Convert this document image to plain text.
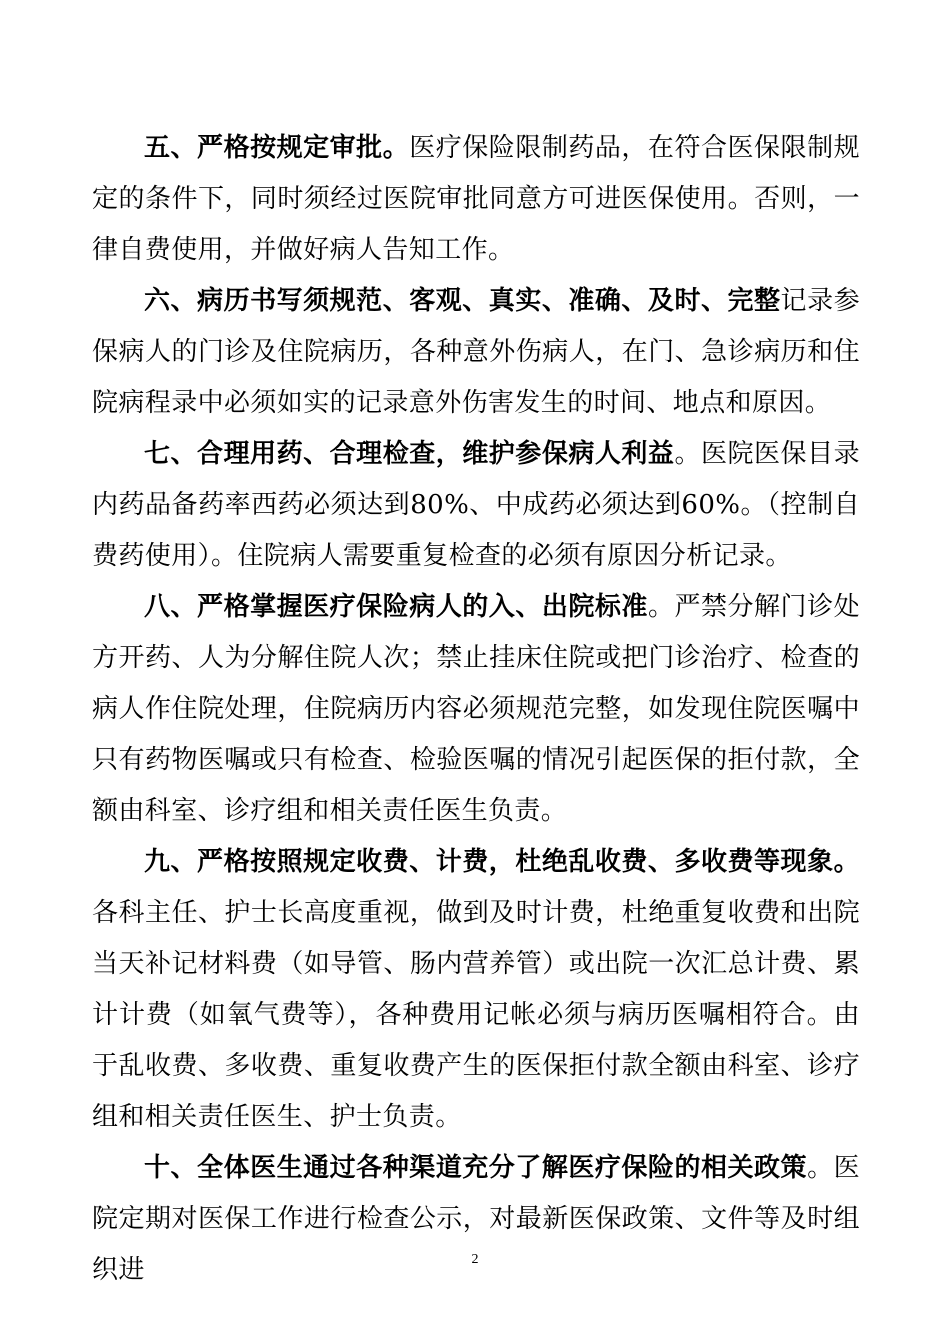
五、严格按规定审批。医疗保险限制药品，在符合医保限制规定的条件下，同时须经过医院审批同意方可进医保使用。否则，一律自费使用，并做好病人告知工作。

六、病历书写须规范、客观、真实、准确、及时、完整记录参保病人的门诊及住院病历，各种意外伤病人，在门、急诊病历和住院病程录中必须如实的记录意外伤害发生的时间、地点和原因。

七、合理用药、合理检查，维护参保病人利益。医院医保目录内药品备药率西药必须达到80%、中成药必须达到60%。（控制自费药使用）。住院病人需要重复检查的必须有原因分析记录。

八、严格掌握医疗保险病人的入、出院标准。严禁分解门诊处方开药、人为分解住院人次；禁止挂床住院或把门诊治疗、检查的病人作住院处理，住院病历内容必须规范完整，如发现住院医嘱中只有药物医嘱或只有检查、检验医嘱的情况引起医保的拒付款，全额由科室、诊疗组和相关责任医生负责。

九、严格按照规定收费、计费，杜绝乱收费、多收费等现象。各科主任、护士长高度重视，做到及时计费，杜绝重复收费和出院当天补记材料费（如导管、肠内营养管）或出院一次汇总计费、累计计费（如氧气费等），各种费用记帐必须与病历医嘱相符合。由于乱收费、多收费、重复收费产生的医保拒付款全额由科室、诊疗组和相关责任医生、护士负责。

十、全体医生通过各种渠道充分了解医疗保险的相关政策。医院定期对医保工作进行检查公示，对最新医保政策、文件等及时组织进	2
